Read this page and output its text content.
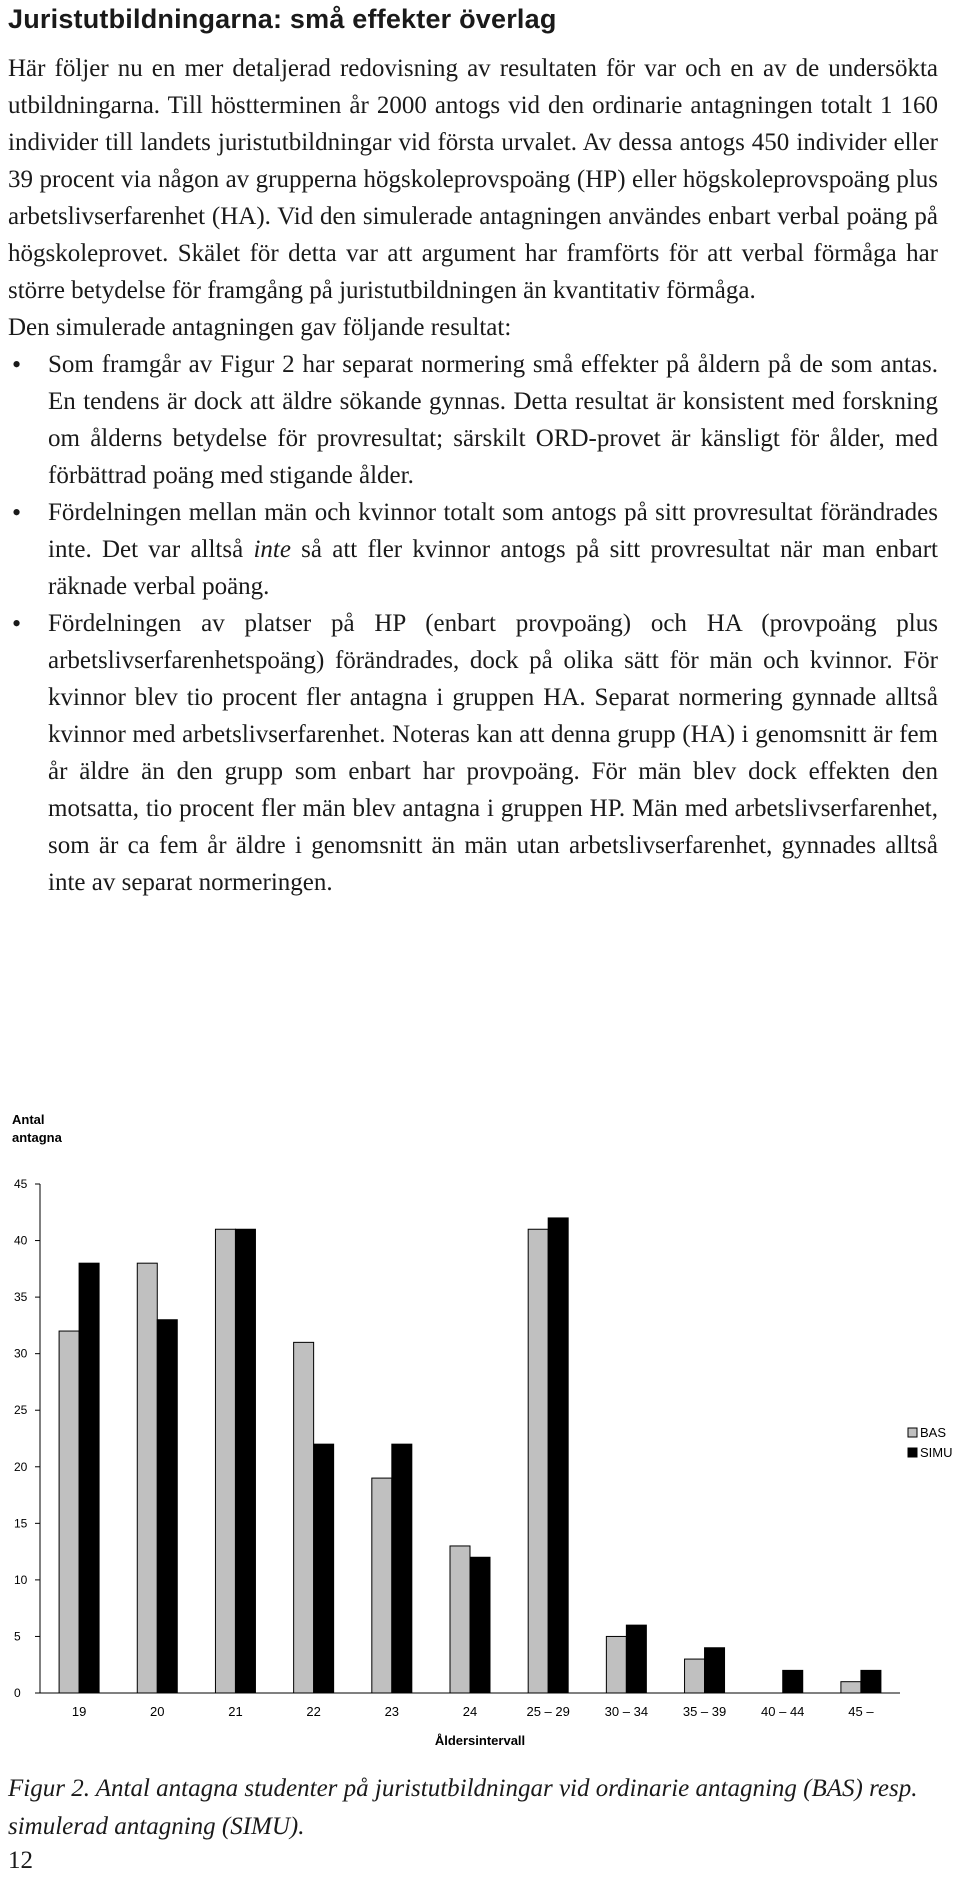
Juristutbildningarna: små effekter överlag

Här följer nu en mer detaljerad redovisning av resultaten för var och en av de undersökta utbildningarna. Till höstterminen år 2000 antogs vid den ordinarie antagningen totalt 1 160 individer till landets juristutbildningar vid första urvalet. Av dessa antogs 450 individer eller 39 procent via någon av grupperna högskoleprovspoäng (HP) eller högskoleprovspoäng plus arbetslivserfarenhet (HA). Vid den simulerade antagningen användes enbart verbal poäng på högskoleprovet. Skälet för detta var att argument har framförts för att verbal förmåga har större betydelse för framgång på juristutbildningen än kvantitativ förmåga.

Den simulerade antagningen gav följande resultat:

• Som framgår av Figur 2 har separat normering små effekter på åldern på de som antas. En tendens är dock att äldre sökande gynnas. Detta resultat är konsistent med forskning om ålderns betydelse för provresultat; särskilt ORD-provet är känsligt för ålder, med förbättrad poäng med stigande ålder.
• Fördelningen mellan män och kvinnor totalt som antogs på sitt provresultat förändrades inte. Det var alltså inte så att fler kvinnor antogs på sitt provresultat när man enbart räknade verbal poäng.
• Fördelningen av platser på HP (enbart provpoäng) och HA (provpoäng plus arbetslivserfarenhetspoäng) förändrades, dock på olika sätt för män och kvinnor. För kvinnor blev tio procent fler antagna i gruppen HA. Separat normering gynnade alltså kvinnor med arbetslivserfarenhet. Noteras kan att denna grupp (HA) i genomsnitt är fem år äldre än den grupp som enbart har provpoäng. För män blev dock effekten den motsatta, tio procent fler män blev antagna i gruppen HP. Män med arbetslivserfarenhet, som är ca fem år äldre i genomsnitt än män utan arbetslivserfarenhet, gynnades alltså inte av separat normeringen.
Antal
antagna
0
5
10
15
20
25
30
35
40
45
19	20	21	22	23	24	25 – 29	30 – 34	35 – 39	40 – 44	45 –
Åldersintervall
BAS
SIMU

Figur 2. Antal antagna studenter på juristutbildningar vid ordinarie antagning (BAS) resp. simulerad antagning (SIMU).

12
